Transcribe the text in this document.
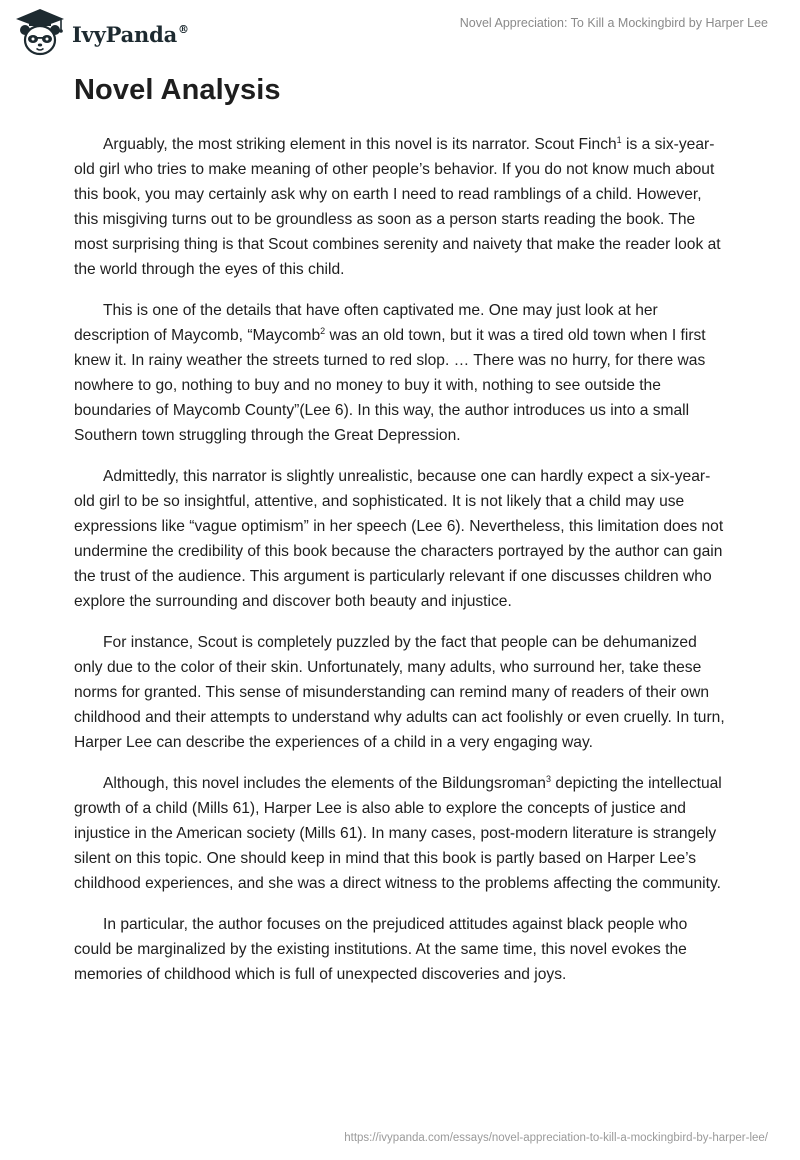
IvyPanda®	Novel Appreciation: To Kill a Mockingbird by Harper Lee
Novel Analysis

Arguably, the most striking element in this novel is its narrator. Scout Finch$^1$ is a six-year-old girl who tries to make meaning of other people’s behavior. If you do not know much about this book, you may certainly ask why on earth I need to read ramblings of a child. However, this misgiving turns out to be groundless as soon as a person starts reading the book. The most surprising thing is that Scout combines serenity and naivety that make the reader look at the world through the eyes of this child.

This is one of the details that have often captivated me. One may just look at her description of Maycomb, “Maycomb$^2$ was an old town, but it was a tired old town when I first knew it. In rainy weather the streets turned to red slop. … There was no hurry, for there was nowhere to go, nothing to buy and no money to buy it with, nothing to see outside the boundaries of Maycomb County”(Lee 6). In this way, the author introduces us into a small Southern town struggling through the Great Depression.

Admittedly, this narrator is slightly unrealistic, because one can hardly expect a six-year-old girl to be so insightful, attentive, and sophisticated. It is not likely that a child may use expressions like “vague optimism” in her speech (Lee 6). Nevertheless, this limitation does not undermine the credibility of this book because the characters portrayed by the author can gain the trust of the audience. This argument is particularly relevant if one discusses children who explore the surrounding and discover both beauty and injustice.

For instance, Scout is completely puzzled by the fact that people can be dehumanized only due to the color of their skin. Unfortunately, many adults, who surround her, take these norms for granted. This sense of misunderstanding can remind many of readers of their own childhood and their attempts to understand why adults can act foolishly or even cruelly. In turn, Harper Lee can describe the experiences of a child in a very engaging way.

Although, this novel includes the elements of the Bildungsroman$^3$ depicting the intellectual growth of a child (Mills 61), Harper Lee is also able to explore the concepts of justice and injustice in the American society (Mills 61). In many cases, post-modern literature is strangely silent on this topic. One should keep in mind that this book is partly based on Harper Lee’s childhood experiences, and she was a direct witness to the problems affecting the community.

In particular, the author focuses on the prejudiced attitudes against black people who could be marginalized by the existing institutions. At the same time, this novel evokes the memories of childhood which is full of unexpected discoveries and joys.

https://ivypanda.com/essays/novel-appreciation-to-kill-a-mockingbird-by-harper-lee/
